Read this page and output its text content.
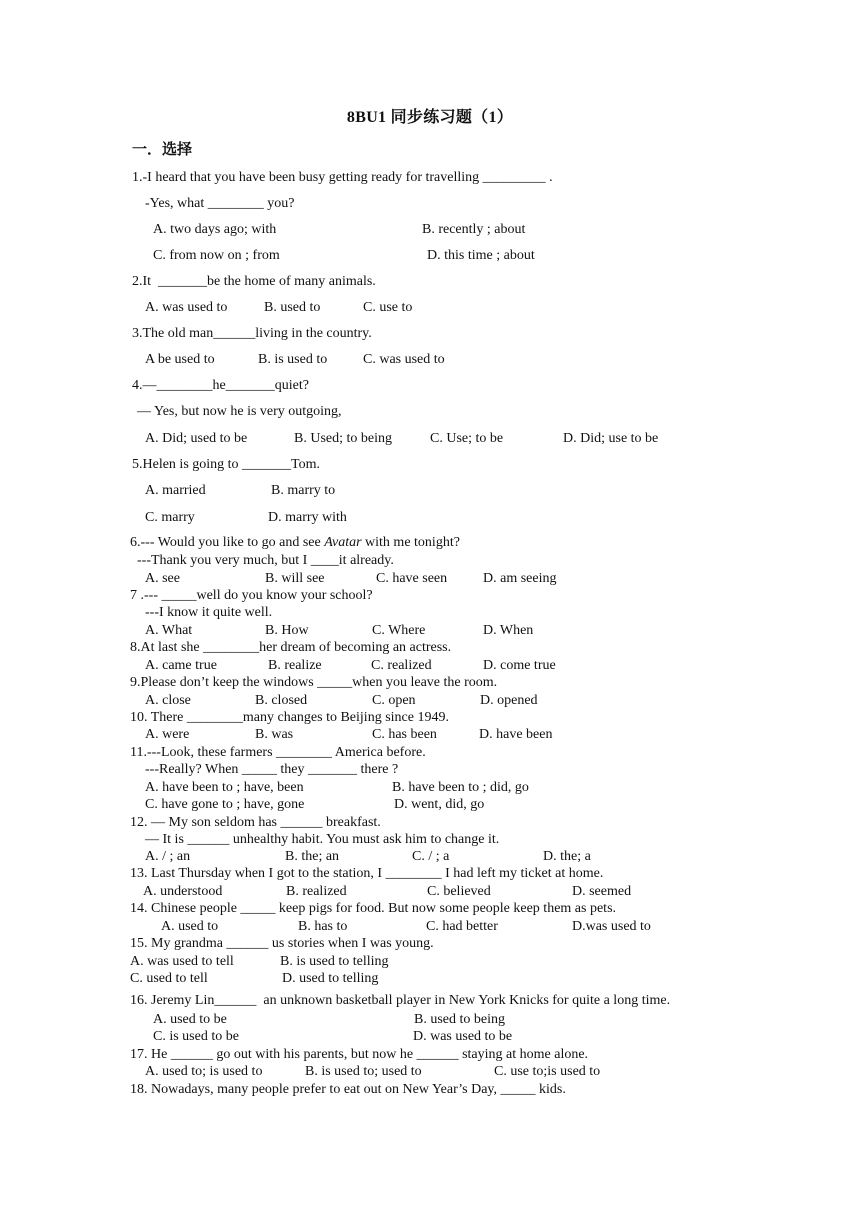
8BU1 同步练习题（1）
一．选择
1.-I heard that you have been busy getting ready for travelling _________ .
-Yes, what ________ you?
A. two days ago; with	B. recently ; about
C. from now on ; from	D. this time ; about
2.It  _______be the home of many animals.
A. was used to	B. used to	C. use to
3.The old man______living in the country.
A be used to	B. is used to	C. was used to
4.—________he_______quiet?
— Yes, but now he is very outgoing,
A. Did; used to be	B. Used; to being	C. Use; to be	D. Did; use to be
5.Helen is going to _______Tom.
A. married	B. marry to
C. marry	D. marry with
6.--- Would you like to go and see Avatar with me tonight?
---Thank you very much, but I ____it already.
A. see	B. will see	C. have seen	D. am seeing
7 .--- _____well do you know your school?
---I know it quite well.
A. What	B. How	C. Where	D. When
8.At last she ________her dream of becoming an actress.
A. came true	B. realize	C. realized	D. come true
9.Please don’t keep the windows _____when you leave the room.
A. close	B. closed	C. open	D. opened
10. There ________many changes to Beijing since 1949.
A. were	B. was	C. has been	D. have been
11.---Look, these farmers ________ America before.
---Really? When _____ they _______ there ?
A. have been to ; have, been	B. have been to ; did, go
C. have gone to ; have, gone	D. went, did, go
12. — My son seldom has ______ breakfast.
— It is ______ unhealthy habit. You must ask him to change it.
A. / ; an	B. the; an	C. / ; a	D. the; a
13. Last Thursday when I got to the station, I ________ I had left my ticket at home.
A. understood	B. realized	C. believed	D. seemed
14. Chinese people _____ keep pigs for food. But now some people keep them as pets.
A. used to	B. has to	C. had better	D.was used to
15. My grandma ______ us stories when I was young.
A. was used to tell	B. is used to telling
C. used to tell	D. used to telling
16. Jeremy Lin______  an unknown basketball player in New York Knicks for quite a long time.
A. used to be	B. used to being
C. is used to be	D. was used to be
17. He ______ go out with his parents, but now he ______ staying at home alone.
A. used to; is used to	B. is used to; used to	C. use to;is used to
18. Nowadays, many people prefer to eat out on New Year’s Day, _____ kids.
